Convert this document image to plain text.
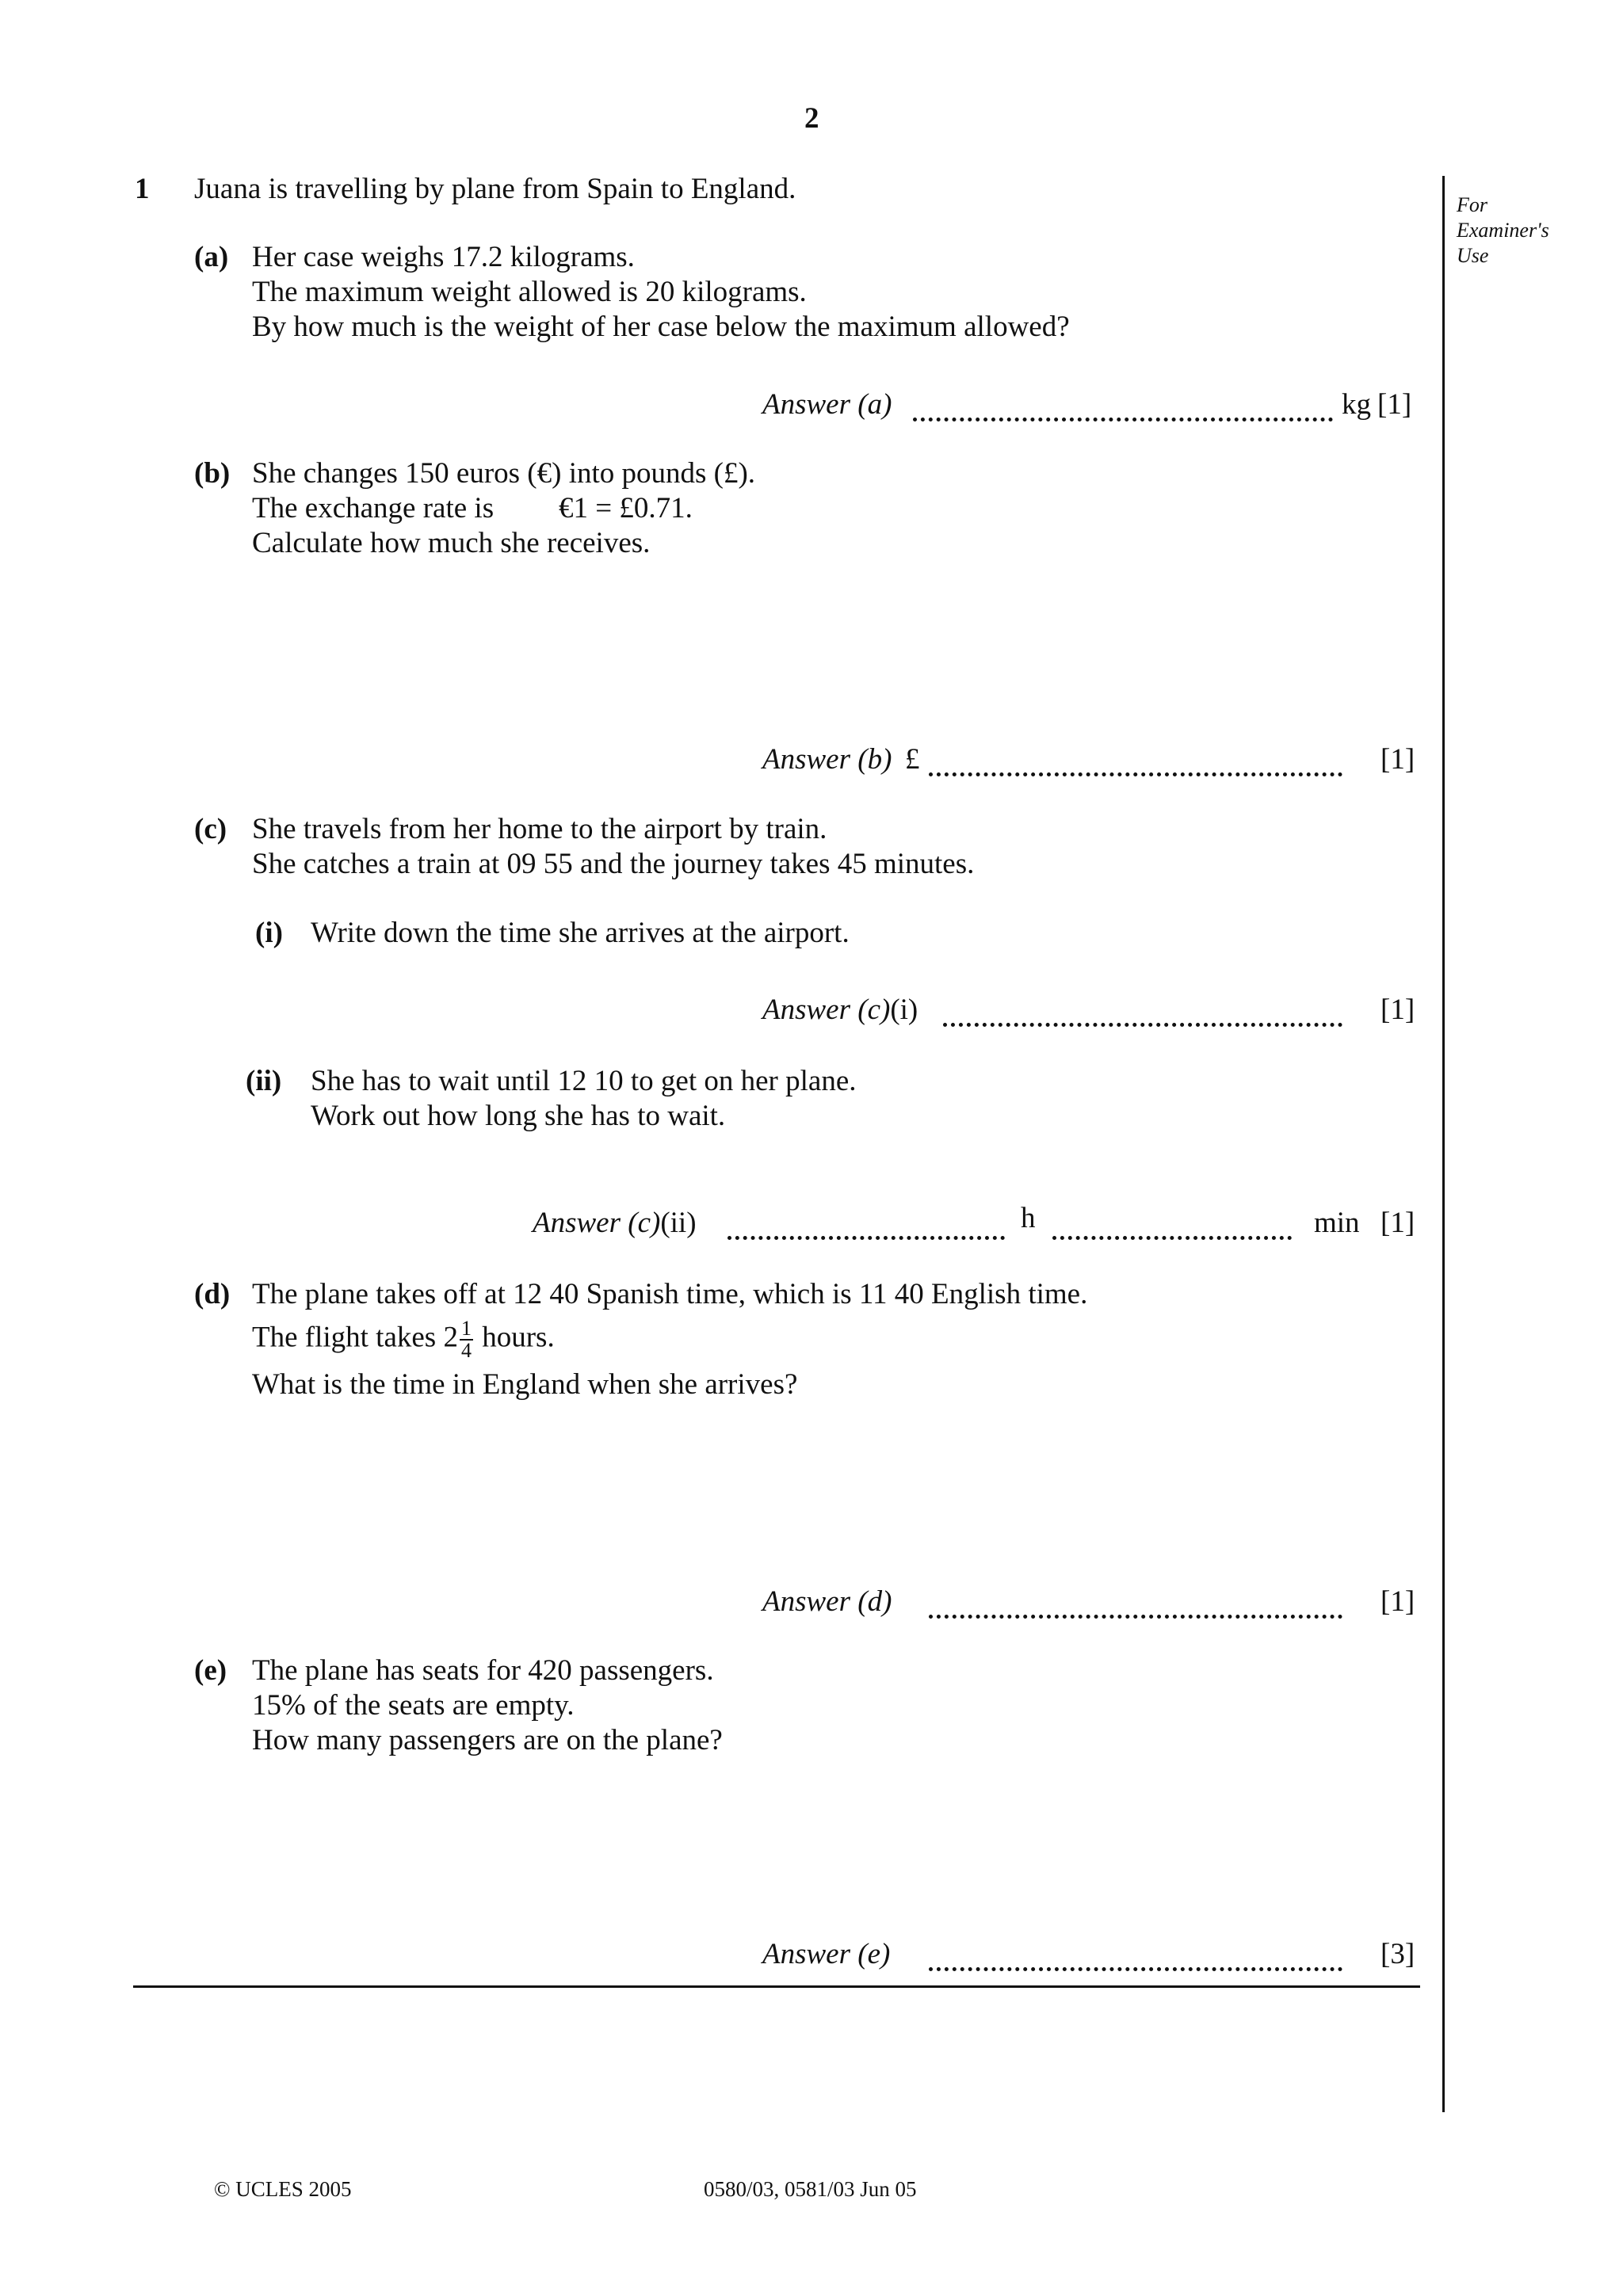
2
For
Examiner's
Use
1 Juana is travelling by plane from Spain to England.
(a) Her case weighs 17.2 kilograms.
The maximum weight allowed is 20 kilograms.
By how much is the weight of her case below the maximum allowed?
Answer (a)	kg [1]
(b) She changes 150 euros (€) into pounds (£).
The exchange rate is €1 = £0.71.
Calculate how much she receives.
Answer (b) £	[1]
(c) She travels from her home to the airport by train.
She catches a train at 09 55 and the journey takes 45 minutes.
(i) Write down the time she arrives at the airport.
Answer (c)(i)	[1]
(ii) She has to wait until 12 10 to get on her plane.
Work out how long she has to wait.
Answer (c)(ii)	h	min [1]
(d) The plane takes off at 12 40 Spanish time, which is 11 40 English time.
The flight takes $2 \frac{1}{4}$ hours.
What is the time in England when she arrives?
Answer (d)	[1]
(e) The plane has seats for 420 passengers.
15% of the seats are empty.
How many passengers are on the plane?
Answer (e)	[3]
© UCLES 2005	0580/03, 0581/03 Jun 05
